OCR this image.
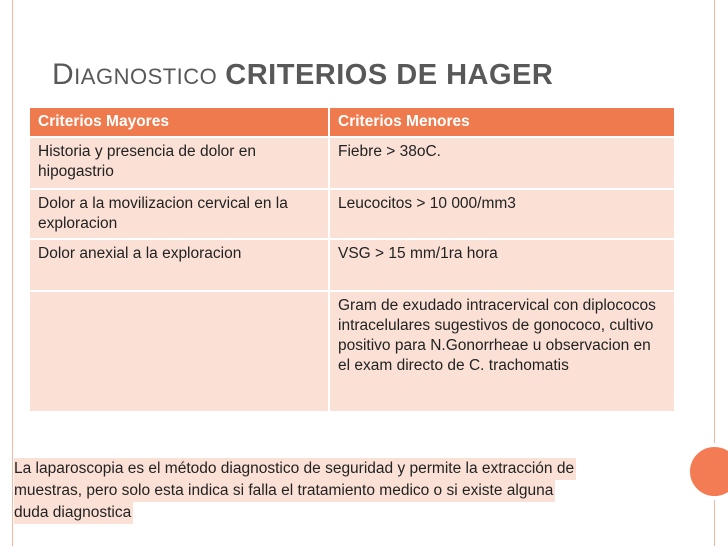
DIAGNOSTICO CRITERIOS DE HAGER
Criterios Mayores	Criterios Menores
Historia y presencia de dolor en hipogastrio	Fiebre > 38oC.
Dolor a la movilizacion cervical en la exploracion	Leucocitos > 10 000/mm3
Dolor anexial a la exploracion	VSG > 15 mm/1ra hora
	Gram de exudado intracervical con diplococos intracelulares sugestivos de gonococo, cultivo positivo para N.Gonorrheae u observacion en el exam directo de C. trachomatis
La laparoscopia es el método diagnostico de seguridad y permite la extracción de
muestras, pero solo esta indica si falla el tratamiento medico o si existe alguna
duda diagnostica
